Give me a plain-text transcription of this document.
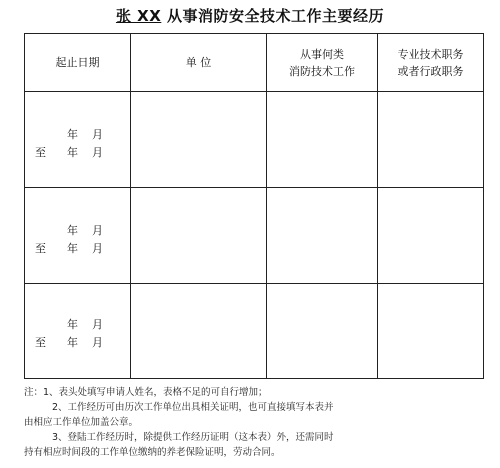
张 XX 从事消防安全技术工作主要经历
起止日期	单 位
从事何类
消防技术工作
专业技术职务
或者行政职务
年    月
至 年    月
年    月
至 年    月
年    月
至 年    月

注：1、表头处填写申请人姓名，表格不足的可自行增加；

2、工作经历可由历次工作单位出具相关证明，也可直接填写本表并

由相应工作单位加盖公章。

3、登陆工作经历时，除提供工作经历证明（这本表）外，还需同时

持有相应时间段的工作单位缴纳的养老保险证明，劳动合同。
